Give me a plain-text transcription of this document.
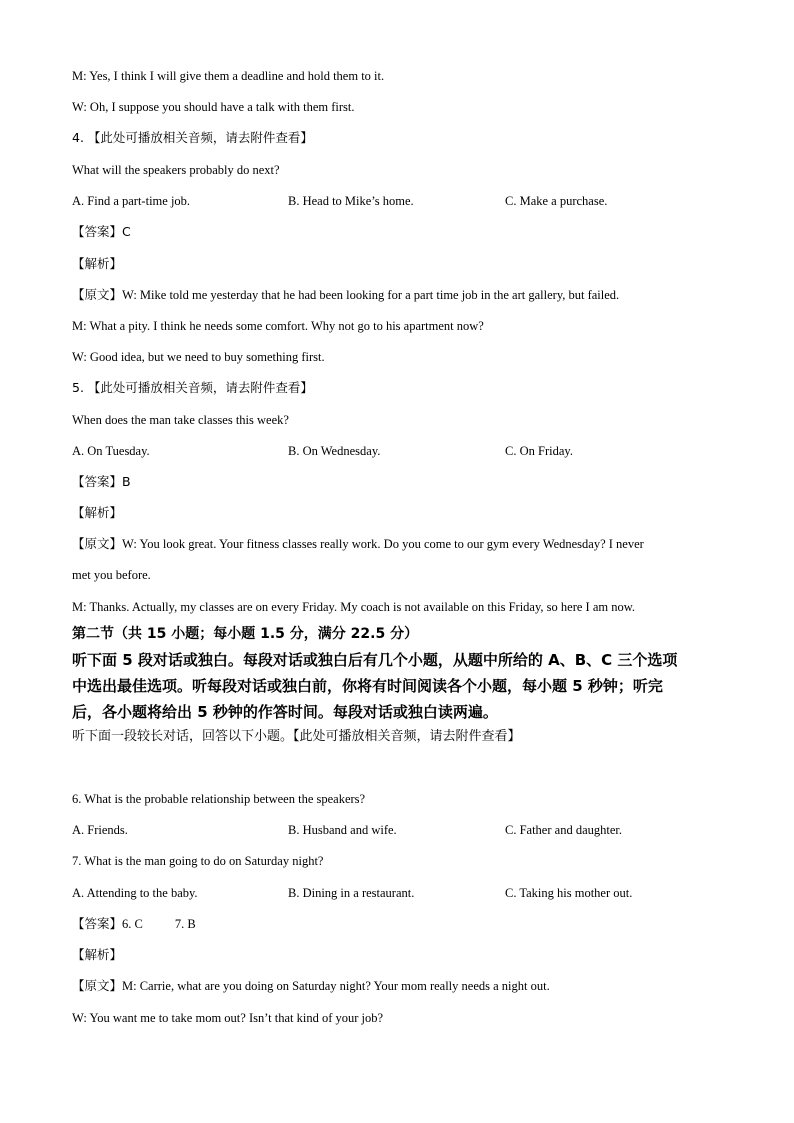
M: Yes, I think I will give them a deadline and hold them to it.

W: Oh, I suppose you should have a talk with them first.

4. 【此处可播放相关音频，请去附件查看】

What will the speakers probably do next?

A. Find a part-time job.	B. Head to Mike’s home.	C. Make a purchase.

【答案】C

【解析】

【原文】W: Mike told me yesterday that he had been looking for a part time job in the art gallery, but failed.

M: What a pity. I think he needs some comfort. Why not go to his apartment now?

W: Good idea, but we need to buy something first.

5. 【此处可播放相关音频，请去附件查看】

When does the man take classes this week?

A. On Tuesday.	B. On Wednesday.	C. On Friday.

【答案】B

【解析】

【原文】W: You look great. Your fitness classes really work. Do you come to our gym every Wednesday? I never

met you before.

M: Thanks. Actually, my classes are on every Friday. My coach is not available on this Friday, so here I am now.

第二节（共 15 小题；每小题 1.5 分，满分 22.5 分）

听下面 5 段对话或独白。每段对话或独白后有几个小题，从题中所给的 A、B、C 三个选项

中选出最佳选项。听每段对话或独白前，你将有时间阅读各个小题，每小题 5 秒钟；听完

后，各小题将给出 5 秒钟的作答时间。每段对话或独白读两遍。

听下面一段较长对话，回答以下小题。【此处可播放相关音频，请去附件查看】

6. What is the probable relationship between the speakers?

A. Friends.	B. Husband and wife.	C. Father and daughter.

7. What is the man going to do on Saturday night?

A. Attending to the baby.	B. Dining in a restaurant.	C. Taking his mother out.

【答案】6. C	7. B

【解析】

【原文】M: Carrie, what are you doing on Saturday night? Your mom really needs a night out.

W: You want me to take mom out? Isn’t that kind of your job?
